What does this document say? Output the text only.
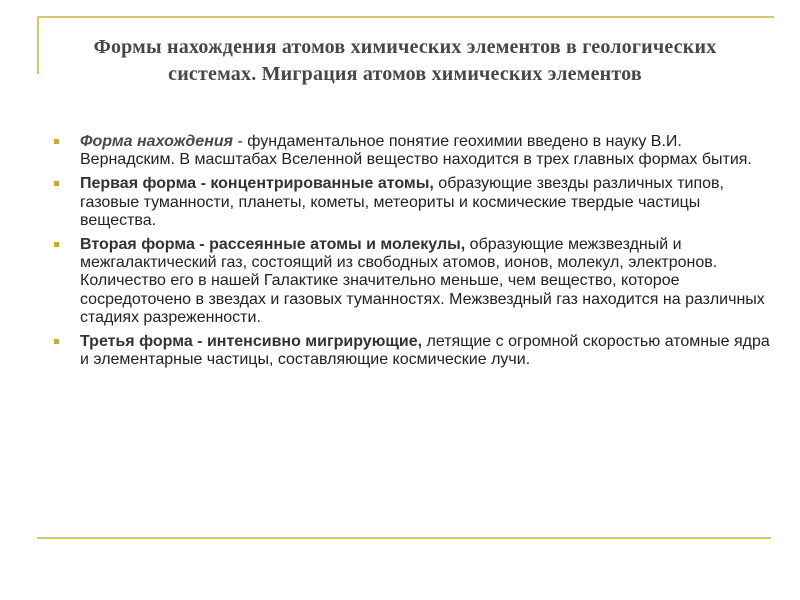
Формы нахождения атомов химических элементов в геологических системах. Миграция атомов химических элементов
Форма нахождения - фундаментальное понятие геохимии введено в науку В.И. Вернадским. В масштабах Вселенной вещество находится в трех главных формах бытия.
Первая форма - концентрированные атомы, образующие звезды различных типов, газовые туманности, планеты, кометы, метеориты и космические твердые частицы вещества.
Вторая форма - рассеянные атомы и молекулы, образующие межзвездный и межгалактический газ, состоящий из свободных атомов, ионов, молекул, электронов. Количество его в нашей Галактике значительно меньше, чем вещество, которое сосредоточено в звездах и газовых туманностях. Межзвездный газ находится на различных стадиях разреженности.
Третья форма - интенсивно мигрирующие, летящие с огромной скоростью атомные ядра и элементарные частицы, составляющие космические лучи.
